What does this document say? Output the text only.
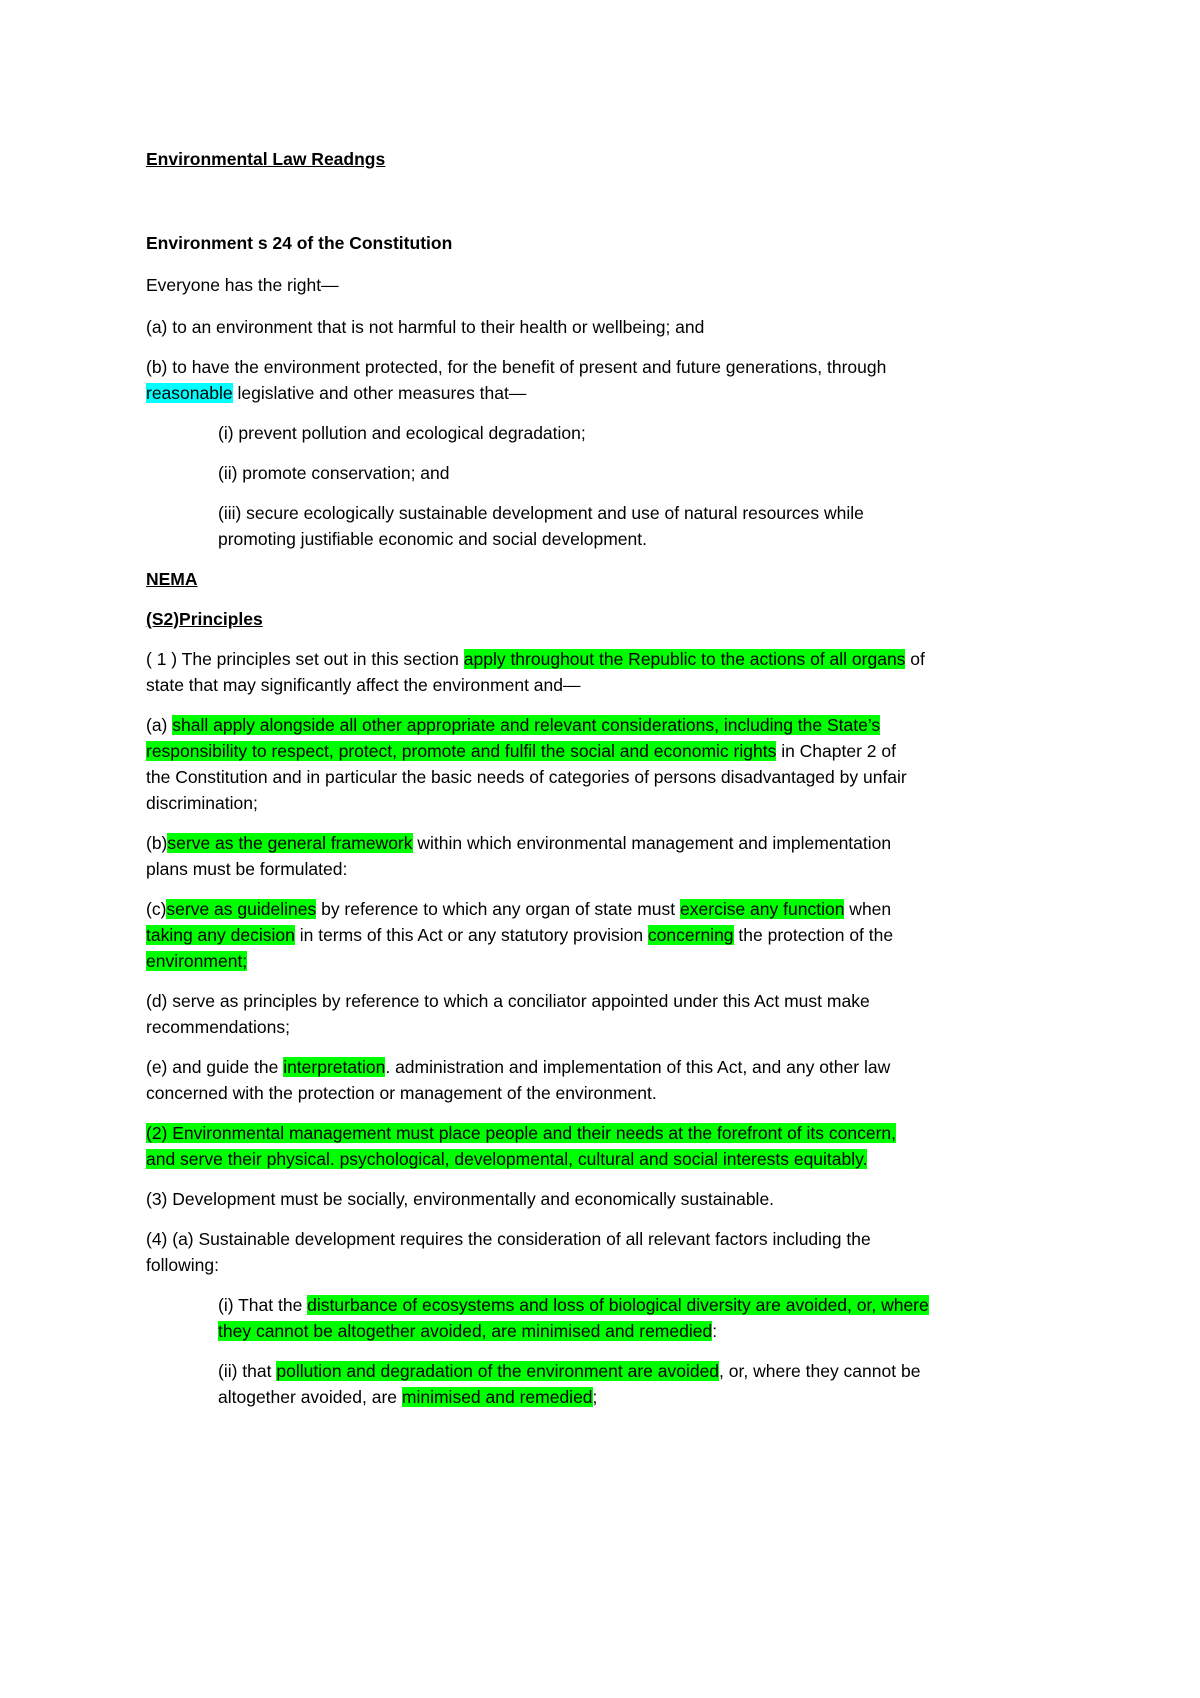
Environmental Law Readngs
Environment s 24 of the Constitution
Everyone has the right—
(a) to an environment that is not harmful to their health or wellbeing; and
(b) to have the environment protected, for the benefit of present and future generations, through
reasonable legislative and other measures that—
(i) prevent pollution and ecological degradation;
(ii) promote conservation; and
(iii) secure ecologically sustainable development and use of natural resources while
promoting justifiable economic and social development.
NEMA
(S2)Principles
( 1 ) The principles set out in this section apply throughout the Republic to the actions of all organs of
state that may significantly affect the environment and—
(a) shall apply alongside all other appropriate and relevant considerations, including the State’s
responsibility to respect, protect, promote and fulfil the social and economic rights in Chapter 2 of
the Constitution and in particular the basic needs of categories of persons disadvantaged by unfair
discrimination;
(b)serve as the general framework within which environmental management and implementation
plans must be formulated:
(c)serve as guidelines by reference to which any organ of state must exercise any function when
taking any decision in terms of this Act or any statutory provision concerning the protection of the
environment;
(d) serve as principles by reference to which a conciliator appointed under this Act must make
recommendations;
(e) and guide the interpretation. administration and implementation of this Act, and any other law
concerned with the protection or management of the environment.
(2) Environmental management must place people and their needs at the forefront of its concern,
and serve their physical. psychological, developmental, cultural and social interests equitably.
(3) Development must be socially, environmentally and economically sustainable.
(4) (a) Sustainable development requires the consideration of all relevant factors including the
following:
(i) That the disturbance of ecosystems and loss of biological diversity are avoided, or, where
they cannot be altogether avoided, are minimised and remedied:
(ii) that pollution and degradation of the environment are avoided, or, where they cannot be
altogether avoided, are minimised and remedied;
